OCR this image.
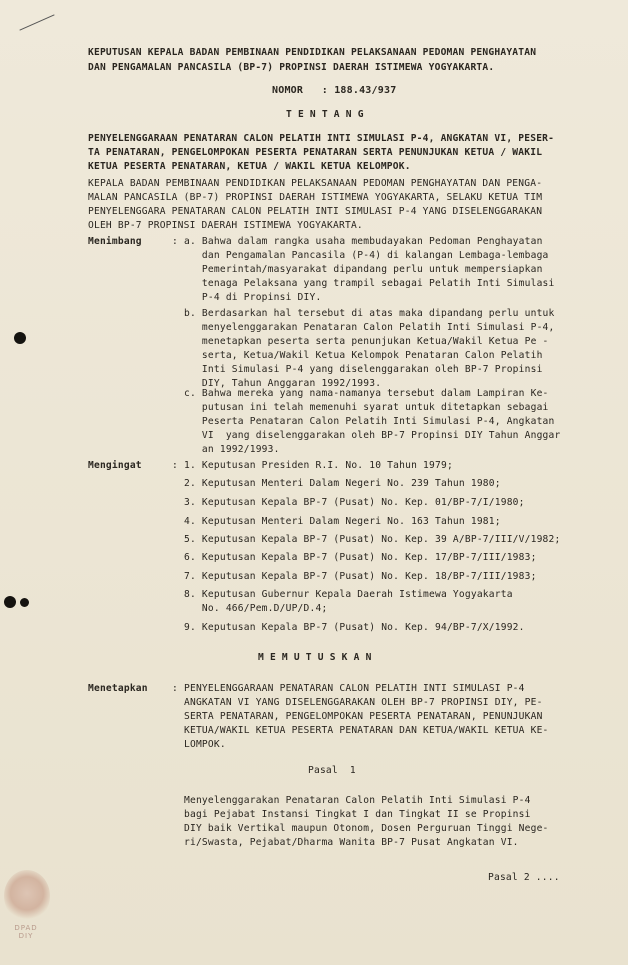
KEPUTUSAN KEPALA BADAN PEMBINAAN PENDIDIKAN PELAKSANAAN PEDOMAN PENGHAYATAN
DAN PENGAMALAN PANCASILA (BP-7) PROPINSI DAERAH ISTIMEWA YOGYAKARTA.
NOMOR   : 188.43/937
T E N T A N G
PENYELENGGARAAN PENATARAN CALON PELATIH INTI SIMULASI P-4, ANGKATAN VI, PESER-
TA PENATARAN, PENGELOMPOKAN PESERTA PENATARAN SERTA PENUNJUKAN KETUA / WAKIL
KETUA PESERTA PENATARAN, KETUA / WAKIL KETUA KELOMPOK.
KEPALA BADAN PEMBINAAN PENDIDIKAN PELAKSANAAN PEDOMAN PENGHAYATAN DAN PENGA-
MALAN PANCASILA (BP-7) PROPINSI DAERAH ISTIMEWA YOGYAKARTA, SELAKU KETUA TIM
PENYELENGGARA PENATARAN CALON PELATIH INTI SIMULASI P-4 YANG DISELENGGARAKAN
OLEH BP-7 PROPINSI DAERAH ISTIMEWA YOGYAKARTA.
Menimbang	: a. Bahwa dalam rangka usaha membudayakan Pedoman Penghayatan
dan Pengamalan Pancasila (P-4) di kalangan Lembaga-lembaga
Pemerintah/masyarakat dipandang perlu untuk mempersiapkan
tenaga Pelaksana yang trampil sebagai Pelatih Inti Simulasi
P-4 di Propinsi DIY.
b. Berdasarkan hal tersebut di atas maka dipandang perlu untuk
menyelenggarakan Penataran Calon Pelatih Inti Simulasi P-4,
menetapkan peserta serta penunjukan Ketua/Wakil Ketua Pe -
serta, Ketua/Wakil Ketua Kelompok Penataran Calon Pelatih
Inti Simulasi P-4 yang diselenggarakan oleh BP-7 Propinsi
DIY, Tahun Anggaran 1992/1993.
c. Bahwa mereka yang nama-namanya tersebut dalam Lampiran Ke-
putusan ini telah memenuhi syarat untuk ditetapkan sebagai
Peserta Penataran Calon Pelatih Inti Simulasi P-4, Angkatan
VI  yang diselenggarakan oleh BP-7 Propinsi DIY Tahun Anggar
an 1992/1993.
Mengingat	: 1. Keputusan Presiden R.I. No. 10 Tahun 1979;
2. Keputusan Menteri Dalam Negeri No. 239 Tahun 1980;
3. Keputusan Kepala BP-7 (Pusat) No. Kep. 01/BP-7/I/1980;
4. Keputusan Menteri Dalam Negeri No. 163 Tahun 1981;
5. Keputusan Kepala BP-7 (Pusat) No. Kep. 39 A/BP-7/III/V/1982;
6. Keputusan Kepala BP-7 (Pusat) No. Kep. 17/BP-7/III/1983;
7. Keputusan Kepala BP-7 (Pusat) No. Kep. 18/BP-7/III/1983;
8. Keputusan Gubernur Kepala Daerah Istimewa Yogyakarta
No. 466/Pem.D/UP/D.4;
9. Keputusan Kepala BP-7 (Pusat) No. Kep. 94/BP-7/X/1992.
M E M U T U S K A N
Menetapkan	: PENYELENGGARAAN PENATARAN CALON PELATIH INTI SIMULASI P-4
ANGKATAN VI YANG DISELENGGARAKAN OLEH BP-7 PROPINSI DIY, PE-
SERTA PENATARAN, PENGELOMPOKAN PESERTA PENATARAN, PENUNJUKAN
KETUA/WAKIL KETUA PESERTA PENATARAN DAN KETUA/WAKIL KETUA KE-
LOMPOK.
Pasal  1
Menyelenggarakan Penataran Calon Pelatih Inti Simulasi P-4
bagi Pejabat Instansi Tingkat I dan Tingkat II se Propinsi
DIY baik Vertikal maupun Otonom, Dosen Perguruan Tinggi Nege-
ri/Swasta, Pejabat/Dharma Wanita BP-7 Pusat Angkatan VI.
Pasal 2 ....
DPAD DIY
